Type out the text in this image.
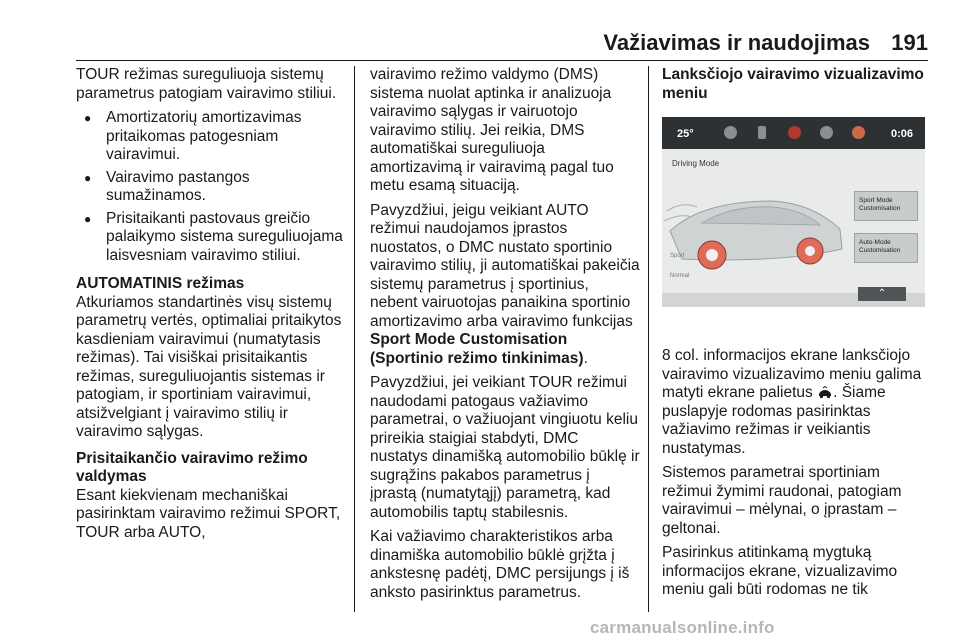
Važiavimas ir naudojimas 191

TOUR režimas sureguliuoja sistemų parametrus patogiam vairavimo stiliui.

● Amortizatorių amortizavimas pritaikomas patogesniam vairavimui.
● Vairavimo pastangos sumažinamos.
● Prisitaikanti pastovaus greičio palaikymo sistema sureguliuojama laisvesniam vairavimo stiliui.

AUTOMATINIS režimas

Atkuriamos standartinės visų sistemų parametrų vertės, optimaliai pritaikytos kasdieniam vairavimui (numatytasis režimas). Tai visiškai prisitaikantis režimas, sureguliuojantis sistemas ir patogiam, ir sportiniam vairavimui, atsižvelgiant į vairavimo stilių ir vairavimo sąlygas.

Prisitaikančio vairavimo režimo valdymas

Esant kiekvienam mechaniškai pasirinktam vairavimo režimui SPORT, TOUR arba AUTO,

vairavimo režimo valdymo (DMS) sistema nuolat aptinka ir analizuoja vairavimo sąlygas ir vairuotojo vairavimo stilių. Jei reikia, DMS automatiškai sureguliuoja amortizavimą ir vairavimą pagal tuo metu esamą situaciją.

Pavyzdžiui, jeigu veikiant AUTO režimui naudojamos įprastos nuostatos, o DMC nustato sportinio vairavimo stilių, ji automatiškai pakeičia sistemų parametrus į sportinius, nebent vairuotojas panaikina sportinio amortizavimo arba vairavimo funkcijas Sport Mode Customisation (Sportinio režimo tinkinimas).

Pavyzdžiui, jei veikiant TOUR režimui naudodami patogaus važiavimo parametrai, o važiuojant vingiuotu keliu prireikia staigiai stabdyti, DMC nustatys dinamišką automobilio būklę ir sugrąžins pakabos parametrus į įprastą (numatytąjį) parametrą, kad automobilis taptų stabilesnis.

Kai važiavimo charakteristikos arba dinamiška automobilio būklė grįžta į ankstesnę padėtį, DMC persijungs į iš anksto pasirinktus parametrus.

Lanksčiojo vairavimo vizualizavimo meniu

25°	0:06
Driving Mode
Sport
Normal
Sport Mode Customisation
Auto-Mode Customisation
⌃

8 col. informacijos ekrane lanksčiojo vairavimo vizualizavimo meniu galima matyti ekrane palietus . Šiame puslapyje rodomas pasirinktas važiavimo režimas ir veikiantis nustatymas.

Sistemos parametrai sportiniam režimui žymimi raudonai, patogiam vairavimui – mėlynai, o įprastam – geltonai.

Pasirinkus atitinkamą mygtuką informacijos ekrane, vizualizavimo meniu gali būti rodomas ne tik

carmanualsonline.info
